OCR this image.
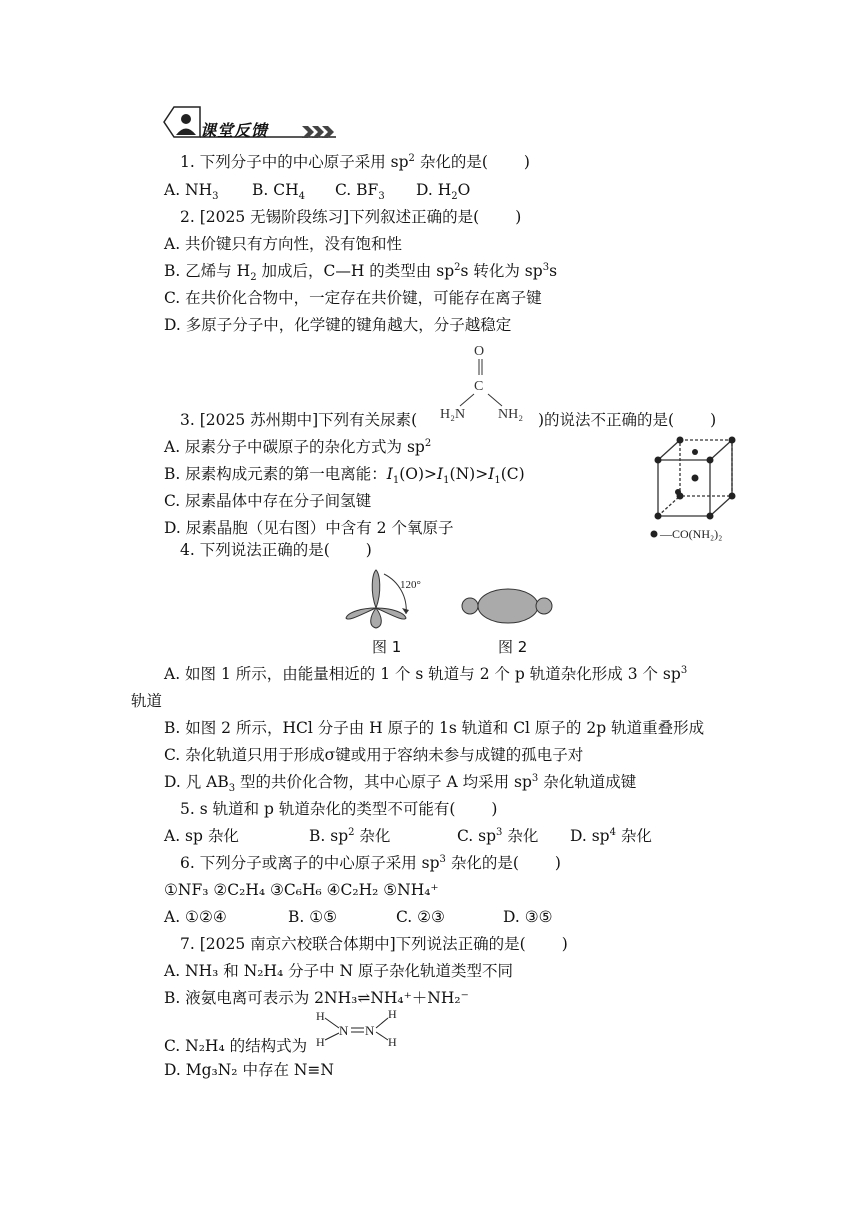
课堂反馈
1. 下列分子中的中心原子采用 $sp^2$ 杂化的是( )
A. $NH_3$ B. $CH_4$ C. $BF_3$ D. $H_2O$
2. [2025 无锡阶段练习]下列叙述正确的是( )
A. 共价键只有方向性，没有饱和性
B. 乙烯与 $H_2$ 加成后，C—H 的类型由 $sp^2s$ 转化为 $sp^3s$
C. 在共价化合物中，一定存在共价键，可能存在离子键
D. 多原子分子中，化学键的键角越大，分子越稳定
O
C
H₂N NH₂
3. [2025 苏州期中]下列有关尿素(	)的说法不正确的是( )
A. 尿素分子中碳原子的杂化方式为 $sp^2$
B. 尿素构成元素的第一电离能：$I_1(O)>I_1(N)>I_1(C)$
C. 尿素晶体中存在分子间氢键
D. 尿素晶胞（见右图）中含有 2 个氧原子	—CO(NH₂)₂
4. 下列说法正确的是( )
120°
图 1	图 2
A. 如图 1 所示，由能量相近的 1 个 s 轨道与 2 个 p 轨道杂化形成 3 个 $sp^3$
轨道
B. 如图 2 所示，HCl 分子由 H 原子的 1s 轨道和 Cl 原子的 2p 轨道重叠形成
C. 杂化轨道只用于形成σ键或用于容纳未参与成键的孤电子对
D. 凡 $AB_3$ 型的共价化合物，其中心原子 A 均采用 $sp^3$ 杂化轨道成键
5. s 轨道和 p 轨道杂化的类型不可能有( )
A. sp 杂化	B. $sp^2$ 杂化	C. $sp^3$ 杂化 D. $sp^4$ 杂化
6. 下列分子或离子的中心原子采用 $sp^3$ 杂化的是( )
①NF₃ ②C₂H₄ ③C₆H₆ ④C₂H₂ ⑤NH₄⁺
A. ①②④	B. ①⑤	C. ②③	D. ③⑤
7. [2025 南京六校联合体期中]下列说法正确的是( )
A. NH₃ 和 N₂H₄ 分子中 N 原子杂化轨道类型不同
B. 液氨电离可表示为 2NH₃⇌NH₄⁺＋NH₂⁻
C. N₂H₄ 的结构式为
H
H
N N
H
H
D. Mg₃N₂ 中存在 N≡N
